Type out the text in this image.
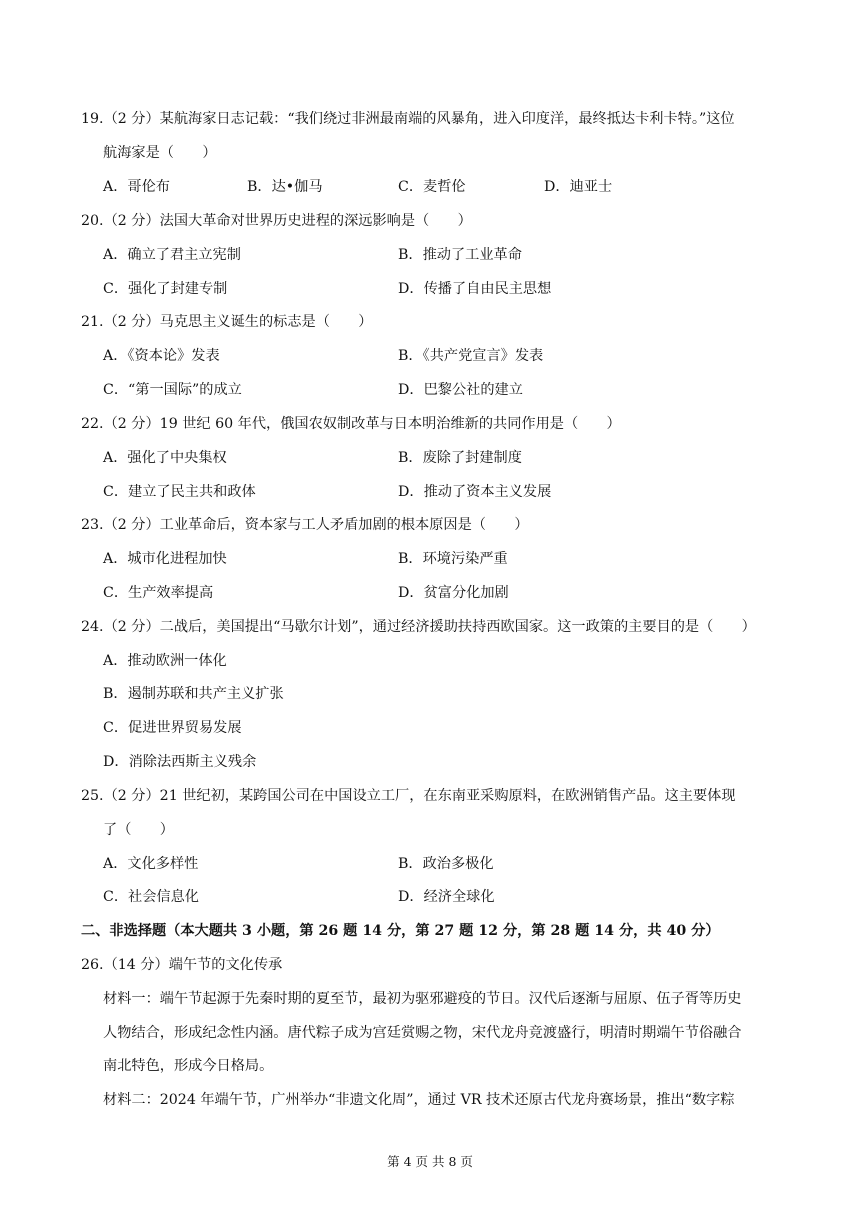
19.（2 分）某航海家日志记载：“我们绕过非洲最南端的风暴角，进入印度洋，最终抵达卡利卡特。”这位
航海家是（　　）
A．哥伦布	B．达•伽马	C．麦哲伦	D．迪亚士
20.（2 分）法国大革命对世界历史进程的深远影响是（　　）
A．确立了君主立宪制	B．推动了工业革命
C．强化了封建专制	D．传播了自由民主思想
21.（2 分）马克思主义诞生的标志是（　　）
A．《资本论》发表	B．《共产党宣言》发表
C．“第一国际”的成立	D．巴黎公社的建立
22.（2 分）19 世纪 60 年代，俄国农奴制改革与日本明治维新的共同作用是（　　）
A．强化了中央集权	B．废除了封建制度
C．建立了民主共和政体	D．推动了资本主义发展
23.（2 分）工业革命后，资本家与工人矛盾加剧的根本原因是（　　）
A．城市化进程加快	B．环境污染严重
C．生产效率提高	D．贫富分化加剧
24.（2 分）二战后，美国提出“马歇尔计划”，通过经济援助扶持西欧国家。这一政策的主要目的是（　　）
A．推动欧洲一体化
B．遏制苏联和共产主义扩张
C．促进世界贸易发展
D．消除法西斯主义残余
25.（2 分）21 世纪初，某跨国公司在中国设立工厂，在东南亚采购原料，在欧洲销售产品。这主要体现
了（　　）
A．文化多样性	B．政治多极化
C．社会信息化	D．经济全球化
二、非选择题（本大题共 3 小题，第 26 题 14 分，第 27 题 12 分，第 28 题 14 分，共 40 分）
26.（14 分）端午节的文化传承
材料一：端午节起源于先秦时期的夏至节，最初为驱邪避疫的节日。汉代后逐渐与屈原、伍子胥等历史
人物结合，形成纪念性内涵。唐代粽子成为宫廷赏赐之物，宋代龙舟竞渡盛行，明清时期端午节俗融合
南北特色，形成今日格局。
材料二：2024 年端午节，广州举办“非遗文化周”，通过 VR 技术还原古代龙舟赛场景，推出“数字粽
第 4 页 共 8 页
